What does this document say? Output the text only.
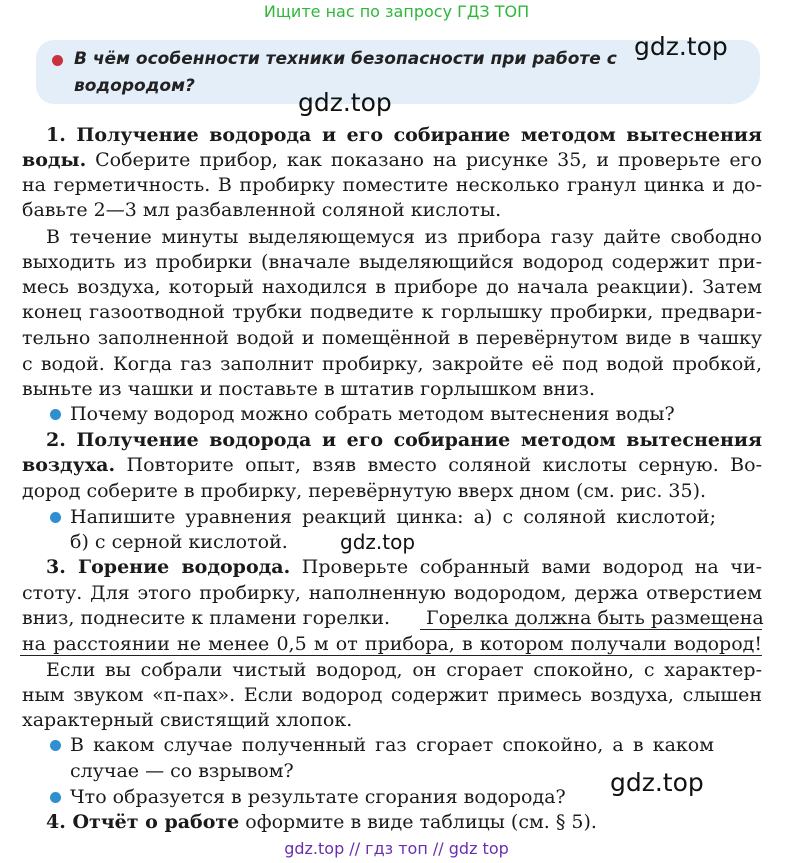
Ищите нас по запросу ГДЗ ТОП
В чём особенности техники безопасности при работе с водородом?
gdz.top
gdz.top
gdz.top
gdz.top
1. Получение водорода и его собирание методом вытеснения
воды. Соберите прибор, как показано на рисунке 35, и проверьте его
на герметичность. В пробирку поместите несколько гранул цинка и до-
бавьте 2—3 мл разбавленной соляной кислоты.
В течение минуты выделяющемуся из прибора газу дайте свободно
выходить из пробирки (вначале выделяющийся водород содержит при-
месь воздуха, который находился в приборе до начала реакции). Затем
конец газоотводной трубки подведите к горлышку пробирки, предвари-
тельно заполненной водой и помещённой в перевёрнутом виде в чашку
с водой. Когда газ заполнит пробирку, закройте её под водой пробкой,
выньте из чашки и поставьте в штатив горлышком вниз.
Почему водород можно собрать методом вытеснения воды?
2. Получение водорода и его собирание методом вытеснения
воздуха. Повторите опыт, взяв вместо соляной кислоты серную. Во-
дород соберите в пробирку, перевёрнутую вверх дном (см. рис. 35).
Напишите уравнения реакций цинка: а) с соляной кислотой;
б) с серной кислотой.
3. Горение водорода. Проверьте собранный вами водород на чи-
стоту. Для этого пробирку, наполненную водородом, держа отверстием
вниз, поднесите к пламени горелки.	Горелка должна быть размещена
на расстоянии не менее 0,5 м от прибора, в котором получали водород!
Если вы собрали чистый водород, он сгорает спокойно, с характер-
ным звуком «п-пах». Если водород содержит примесь воздуха, слышен
характерный свистящий хлопок.
В каком случае полученный газ сгорает спокойно, а в каком
случае — со взрывом?
Что образуется в результате сгорания водорода?
4. Отчёт о работе оформите в виде таблицы (см. § 5).
gdz.top // гдз топ // gdz top
